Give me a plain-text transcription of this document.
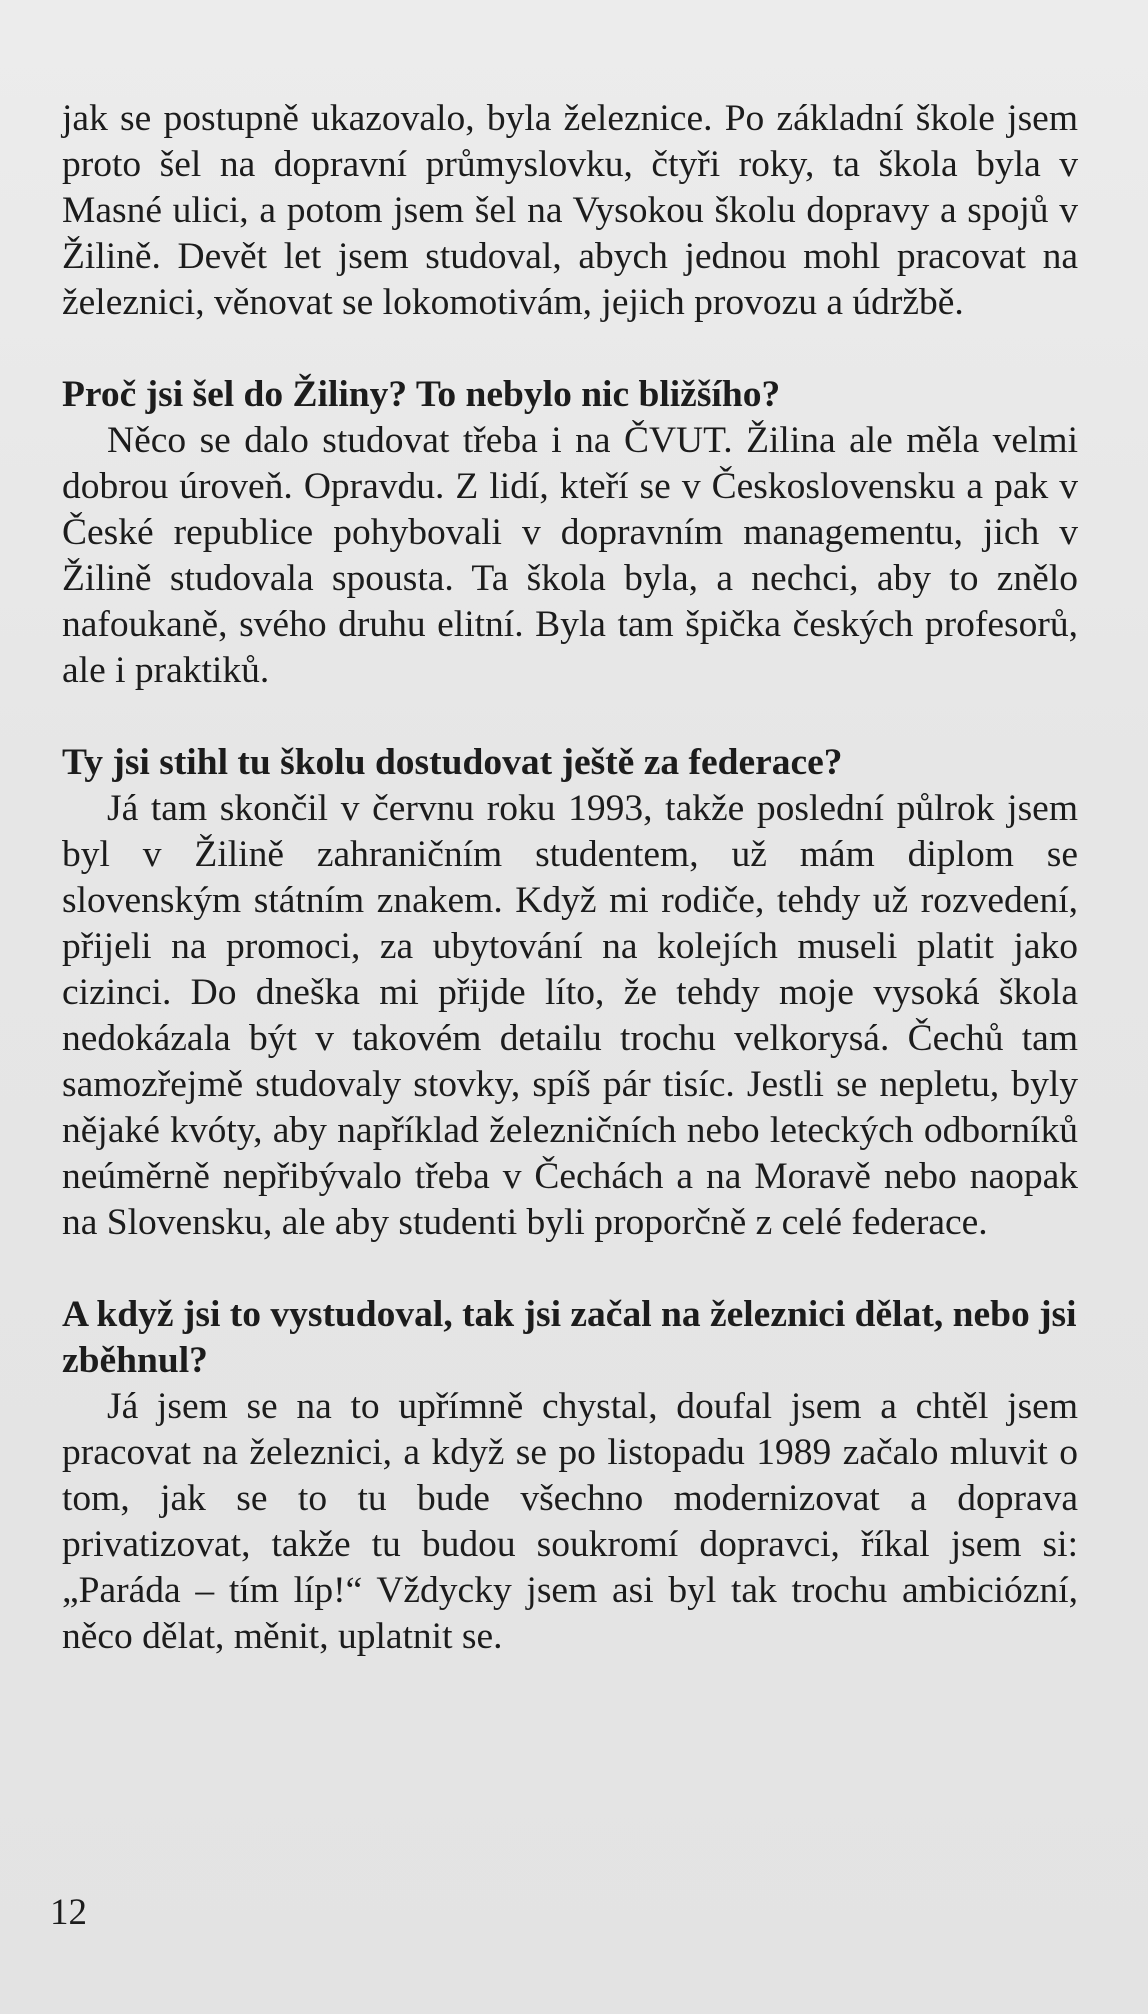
jak se postupně ukazovalo, byla železnice. Po základní škole jsem proto šel na dopravní průmyslovku, čtyři roky, ta škola byla v Masné ulici, a potom jsem šel na Vysokou školu dopravy a spojů v Žilině. Devět let jsem studoval, abych jednou mohl pracovat na železnici, věnovat se lokomotivám, jejich provozu a údržbě.

Proč jsi šel do Žiliny? To nebylo nic bližšího?

Něco se dalo studovat třeba i na ČVUT. Žilina ale měla velmi dobrou úroveň. Opravdu. Z lidí, kteří se v Československu a pak v České republice pohybovali v dopravním managementu, jich v Žilině studovala spousta. Ta škola byla, a nechci, aby to znělo nafoukaně, svého druhu elitní. Byla tam špička českých profesorů, ale i praktiků.

Ty jsi stihl tu školu dostudovat ještě za federace?

Já tam skončil v červnu roku 1993, takže poslední půlrok jsem byl v Žilině zahraničním studentem, už mám diplom se slovenským státním znakem. Když mi rodiče, tehdy už rozvedení, přijeli na promoci, za ubytování na kolejích museli platit jako cizinci. Do dneška mi přijde líto, že tehdy moje vysoká škola nedokázala být v takovém detailu trochu velkorysá. Čechů tam samozřejmě studovaly stovky, spíš pár tisíc. Jestli se nepletu, byly nějaké kvóty, aby například železničních nebo leteckých odborníků neúměrně nepřibývalo třeba v Čechách a na Moravě nebo naopak na Slovensku, ale aby studenti byli proporčně z celé federace.

A když jsi to vystudoval, tak jsi začal na železnici dělat, nebo jsi zběhnul?

Já jsem se na to upřímně chystal, doufal jsem a chtěl jsem pracovat na železnici, a když se po listopadu 1989 začalo mluvit o tom, jak se to tu bude všechno modernizovat a doprava privatizovat, takže tu budou soukromí dopravci, říkal jsem si: „Paráda – tím líp!“ Vždycky jsem asi byl tak trochu ambiciózní, něco dělat, měnit, uplatnit se.

12
